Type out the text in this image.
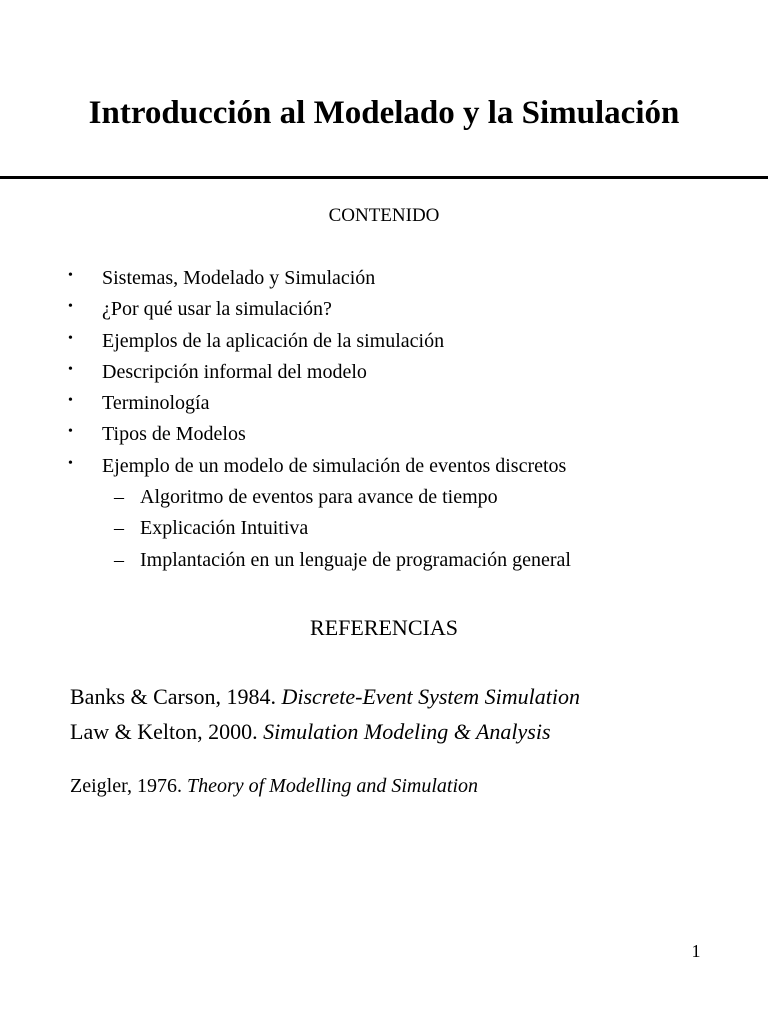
Introducción al Modelado y la Simulación
CONTENIDO
• Sistemas, Modelado y Simulación
• ¿Por qué usar la simulación?
• Ejemplos de la aplicación de la simulación
• Descripción informal del modelo
• Terminología
• Tipos de Modelos
• Ejemplo de un modelo de simulación de eventos discretos
– Algoritmo de eventos para avance de tiempo
– Explicación Intuitiva
– Implantación en un lenguaje de programación general
REFERENCIAS
Banks & Carson, 1984. Discrete-Event System Simulation
Law & Kelton, 2000. Simulation Modeling & Analysis
Zeigler, 1976. Theory of Modelling and Simulation
1
